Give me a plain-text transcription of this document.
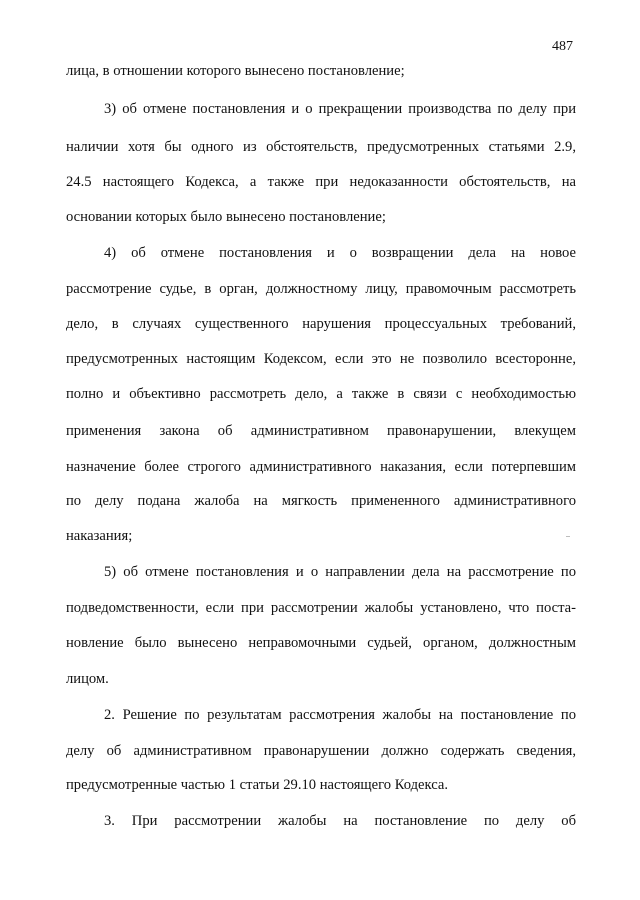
487

лица, в отношении которого вынесено постановление;

3) об отмене постановления и о прекращении производства по делу при

наличии хотя бы одного из обстоятельств, предусмотренных статьями 2.9,

24.5 настоящего Кодекса, а также при недоказанности обстоятельств, на

основании которых было вынесено постановление;

4) об отмене постановления и о возвращении дела на новое

рассмотрение судье, в орган, должностному лицу, правомочным рассмотреть

дело, в случаях существенного нарушения процессуальных требований,

предусмотренных настоящим Кодексом, если это не позволило всесторонне,

полно и объективно рассмотреть дело, а также в связи с необходимостью

применения закона об административном правонарушении, влекущем

назначение более строгого административного наказания, если потерпевшим

по делу подана жалоба на мягкость примененного административного

наказания;

5) об отмене постановления и о направлении дела на рассмотрение по

подведомственности, если при рассмотрении жалобы установлено, что поста-

новление было вынесено неправомочными судьей, органом, должностным

лицом.

2. Решение по результатам рассмотрения жалобы на постановление по

делу об административном правонарушении должно содержать сведения,

предусмотренные частью 1 статьи 29.10 настоящего Кодекса.

3. При рассмотрении жалобы на постановление по делу об
